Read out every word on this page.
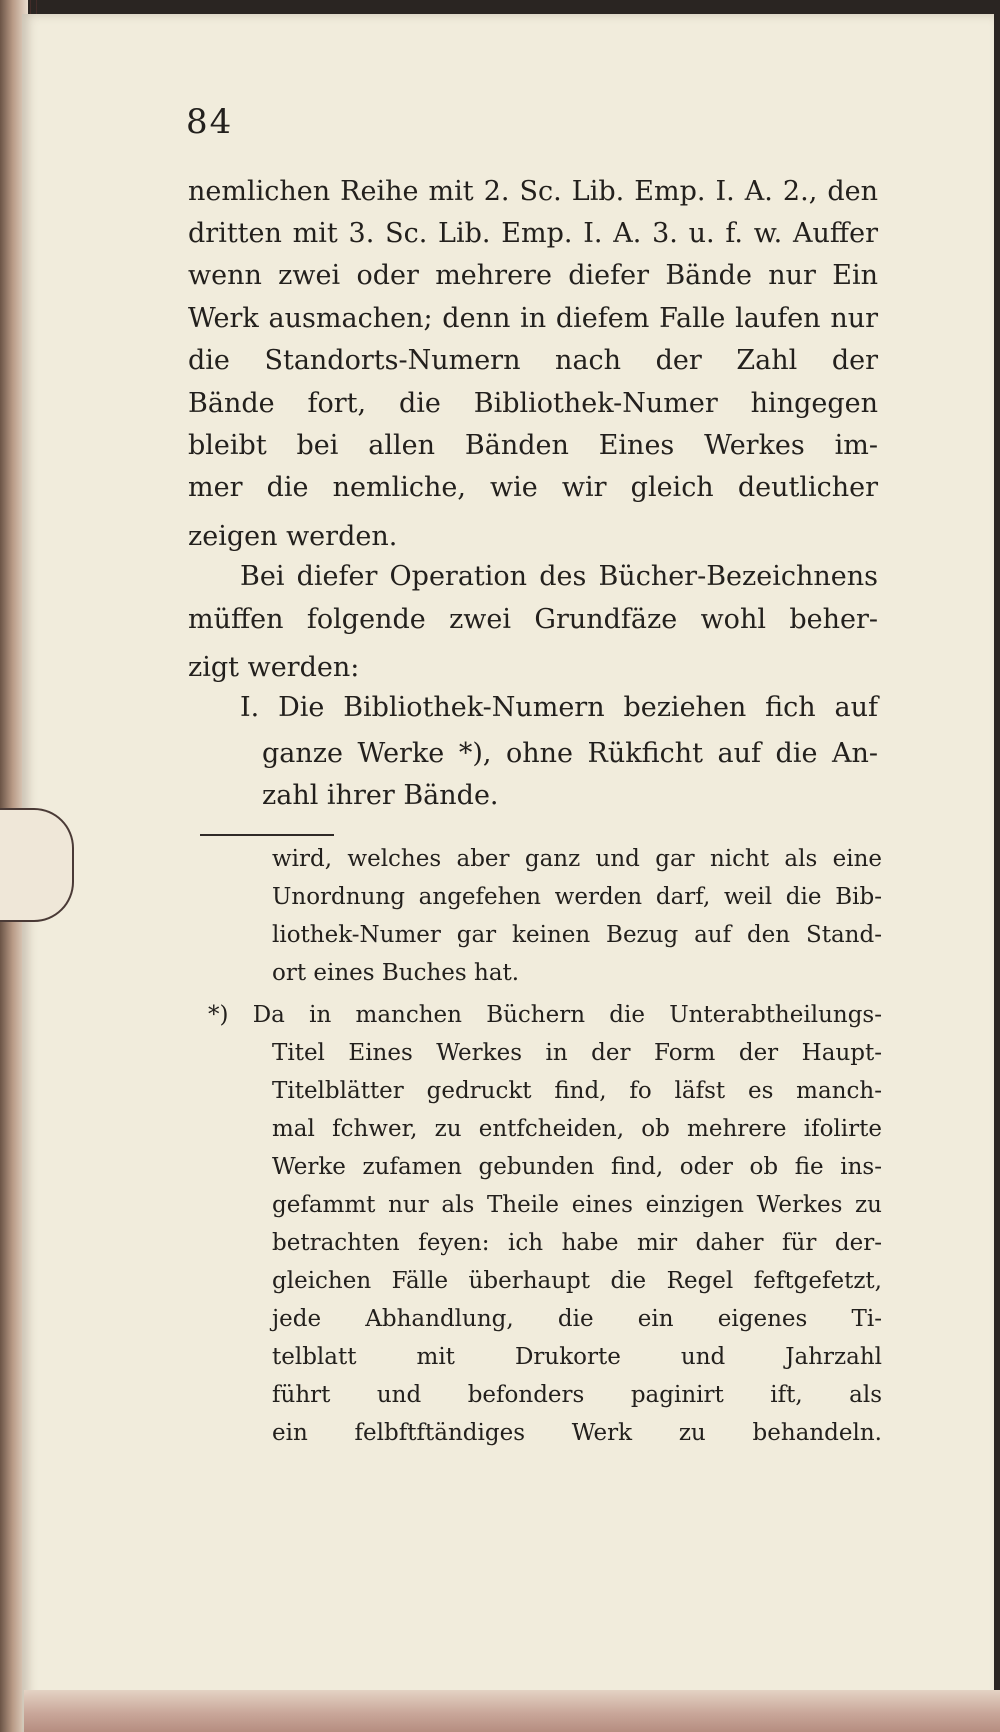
84
nemlichen Reihe mit 2. Sc. Lib. Emp. I. A. 2., den
dritten mit 3. Sc. Lib. Emp. I. A. 3. u. f. w. Auffer
wenn zwei oder mehrere diefer Bände nur Ein
Werk ausmachen; denn in diefem Falle laufen nur
die Standorts-Numern nach der Zahl der
Bände fort, die Bibliothek-Numer hingegen
bleibt bei allen Bänden Eines Werkes im-
mer die nemliche, wie wir gleich deutlicher
zeigen werden.
Bei diefer Operation des Bücher-Bezeichnens
müffen folgende zwei Grundfäze wohl beher-
zigt werden:
I. Die Bibliothek-Numern beziehen fich auf
ganze Werke *), ohne Rükficht auf die An-
zahl ihrer Bände.
wird, welches aber ganz und gar nicht als eine
Unordnung angefehen werden darf, weil die Bib-
liothek-Numer gar keinen Bezug auf den Stand-
ort eines Buches hat.
*) Da in manchen Büchern die Unterabtheilungs-
Titel Eines Werkes in der Form der Haupt-
Titelblätter gedruckt find, fo läfst es manch-
mal fchwer, zu entfcheiden, ob mehrere ifolirte
Werke zufamen gebunden find, oder ob fie ins-
gefammt nur als Theile eines einzigen Werkes zu
betrachten feyen: ich habe mir daher für der-
gleichen Fälle überhaupt die Regel feftgefetzt,
jede Abhandlung, die ein eigenes Ti-
telblatt mit Drukorte und Jahrzahl
führt und befonders paginirt ift, als
ein felbftftändiges Werk zu behandeln.
